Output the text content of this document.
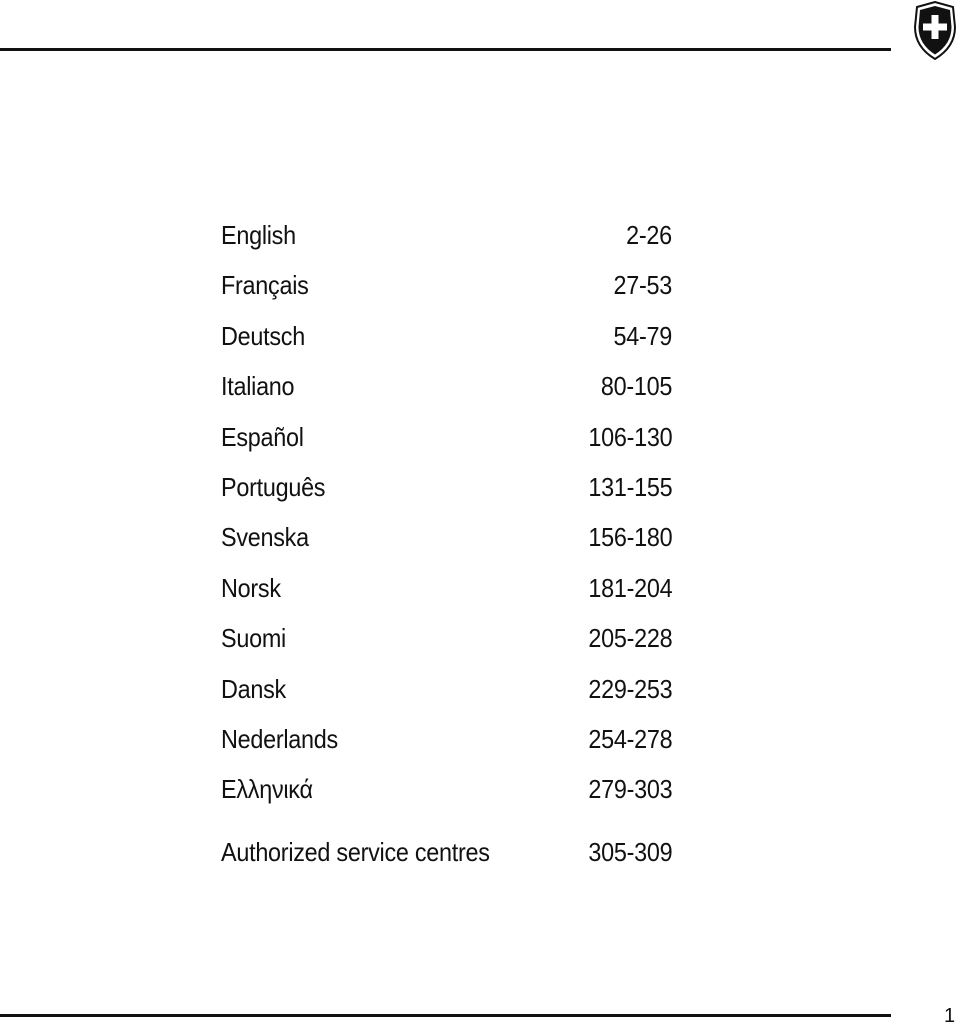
English	2-26
Français	27-53
Deutsch	54-79
Italiano	80-105
Español	106-130
Português	131-155
Svenska	156-180
Norsk	181-204
Suomi	205-228
Dansk	229-253
Nederlands	254-278
Ελληνικά	279-303
Authorized service centres	305-309
1
